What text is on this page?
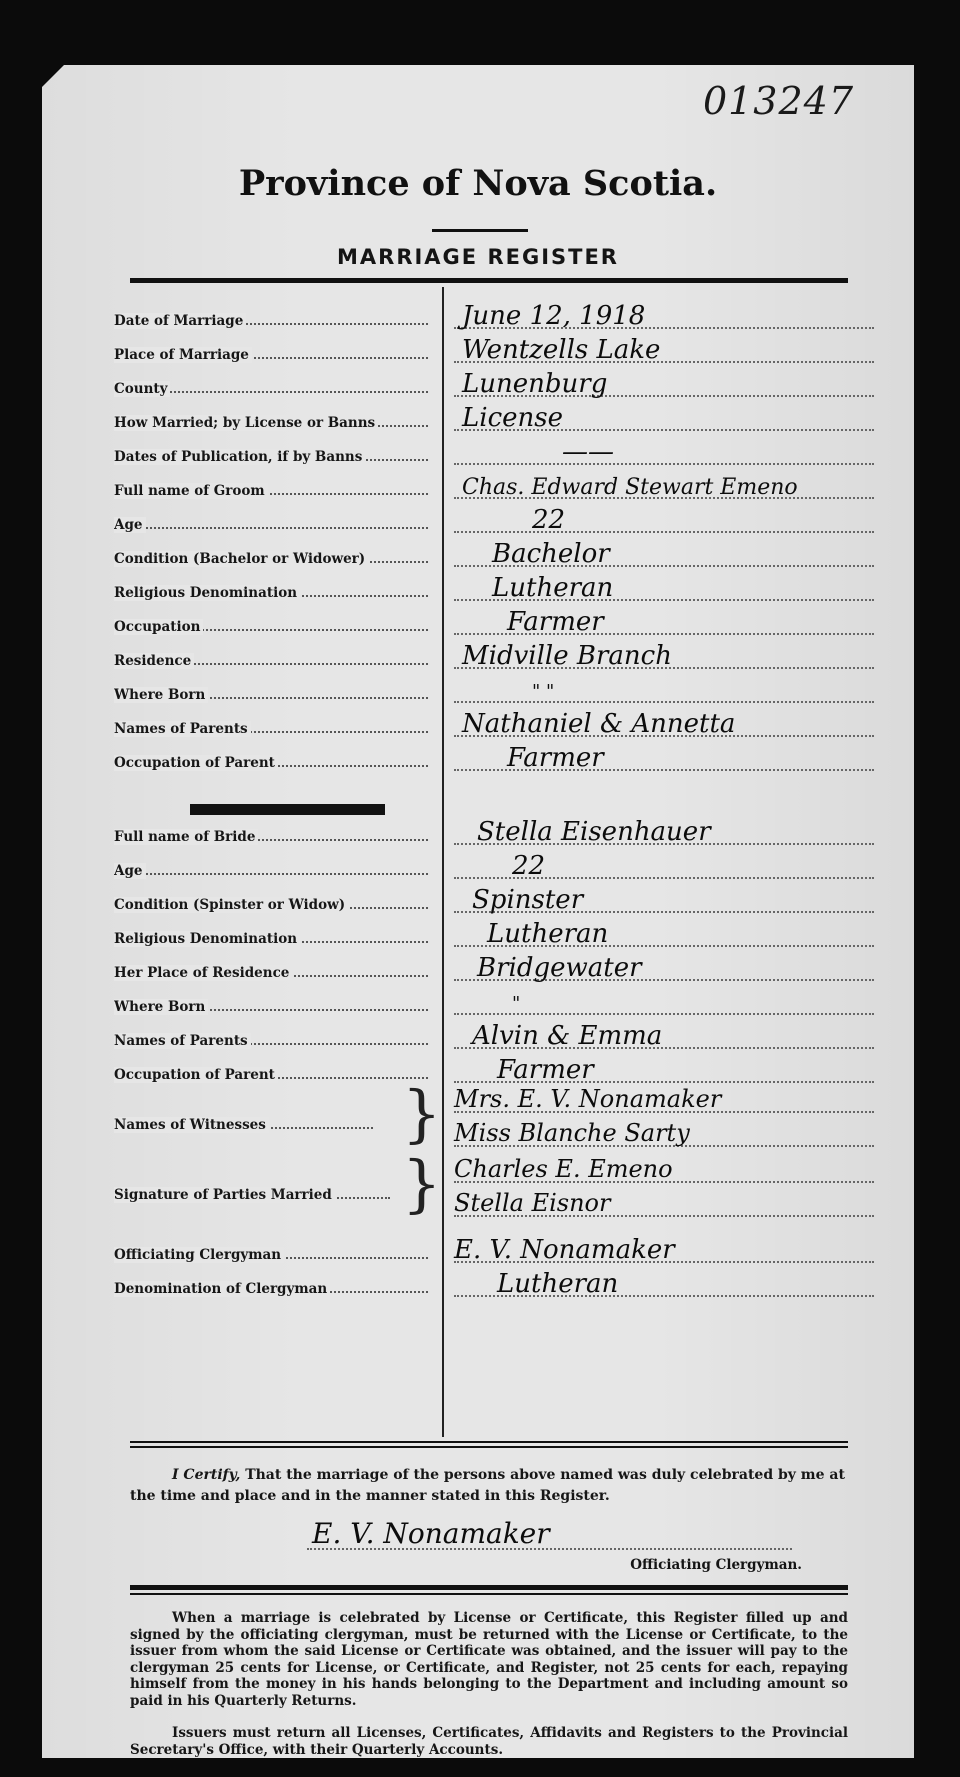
013247
Province of Nova Scotia.
MARRIAGE REGISTER
Date of Marriage	June 12, 1918
Place of Marriage	Wentzells Lake
County	Lunenburg
How Married; by License or Banns	License
Dates of Publication, if by Banns	——
Full name of Groom	Chas. Edward Stewart Emeno
Age	22
Condition (Bachelor or Widower)	Bachelor
Religious Denomination	Lutheran
Occupation	Farmer
Residence	Midville Branch
Where Born	" "
Names of Parents	Nathaniel & Annetta
Occupation of Parent	Farmer
Full name of Bride	Stella Eisenhauer
Age	22
Condition (Spinster or Widow)	Spinster
Religious Denomination	Lutheran
Her Place of Residence	Bridgewater
Where Born	"
Names of Parents	Alvin & Emma
Occupation of Parent	Farmer
Names of Witnesses	} Mrs. E. V. Nonamaker
Miss Blanche Sarty
Signature of Parties Married	} Charles E. Emeno
Stella Eisnor
Officiating Clergyman	E. V. Nonamaker
Denomination of Clergyman	Lutheran
I Certify, That the marriage of the persons above named was duly celebrated by me at the time and place and in the manner stated in this Register.
E. V. Nonamaker
Officiating Clergyman.
When a marriage is celebrated by License or Certificate, this Register filled up and signed by the officiating clergyman, must be returned with the License or Certificate, to the issuer from whom the said License or Certificate was obtained, and the issuer will pay to the clergyman 25 cents for License, or Certificate, and Register, not 25 cents for each, repaying himself from the money in his hands belonging to the Department and including amount so paid in his Quarterly Returns.
Issuers must return all Licenses, Certificates, Affidavits and Registers to the Provincial Secretary's Office, with their Quarterly Accounts.
